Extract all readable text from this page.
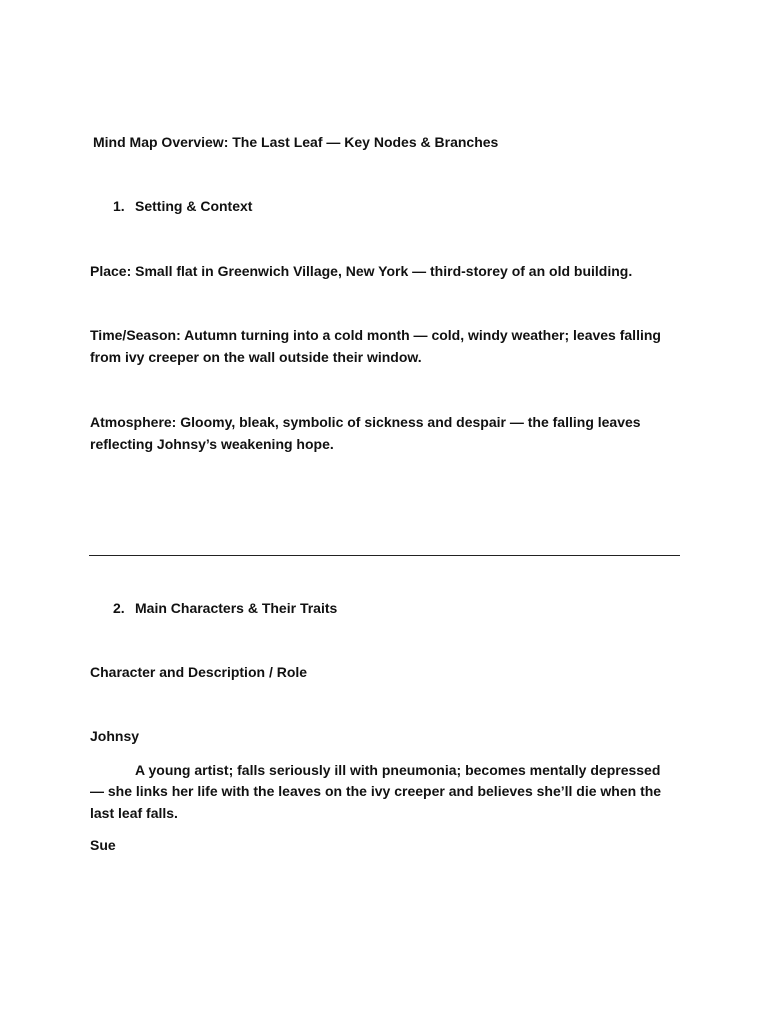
Mind Map Overview: The Last Leaf — Key Nodes & Branches
1. Setting & Context
Place: Small flat in Greenwich Village, New York — third-storey of an old building.
Time/Season: Autumn turning into a cold month — cold, windy weather; leaves falling
from ivy creeper on the wall outside their window.
Atmosphere: Gloomy, bleak, symbolic of sickness and despair — the falling leaves
reflecting Johnsy’s weakening hope.
2. Main Characters & Their Traits
Character and Description / Role
Johnsy
A young artist; falls seriously ill with pneumonia; becomes mentally depressed
— she links her life with the leaves on the ivy creeper and believes she’ll die when the
last leaf falls.
Sue
